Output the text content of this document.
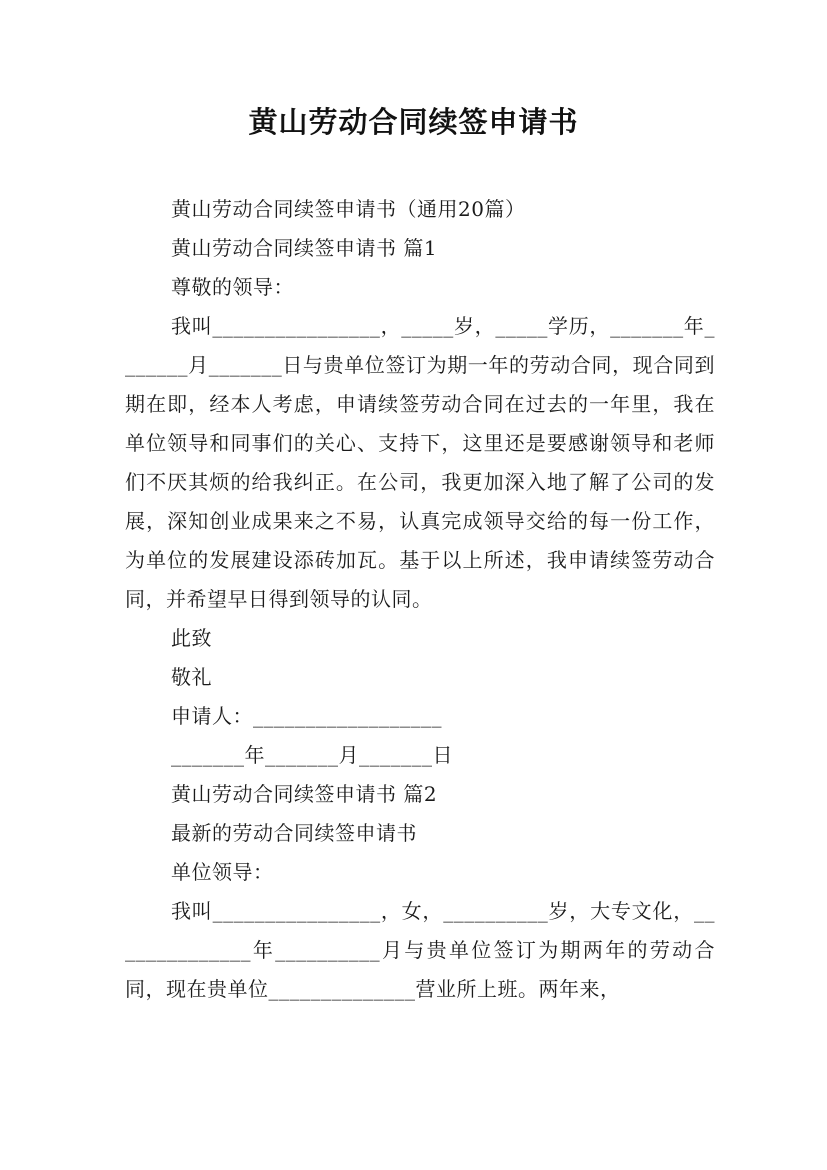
黄山劳动合同续签申请书

黄山劳动合同续签申请书（通用20篇）

黄山劳动合同续签申请书 篇1

尊敬的领导：

我叫________________，_____岁，_____学历，_______年_______月_______日与贵单位签订为期一年的劳动合同，现合同到期在即，经本人考虑，申请续签劳动合同在过去的一年里，我在单位领导和同事们的关心、支持下，这里还是要感谢领导和老师们不厌其烦的给我纠正。在公司，我更加深入地了解了公司的发展，深知创业成果来之不易，认真完成领导交给的每一份工作，为单位的发展建设添砖加瓦。基于以上所述，我申请续签劳动合同，并希望早日得到领导的认同。

此致

敬礼

申请人：__________________

_______年_______月_______日

黄山劳动合同续签申请书 篇2

最新的劳动合同续签申请书

单位领导：

我叫________________，女，__________岁，大专文化，______________年__________月与贵单位签订为期两年的劳动合同，现在贵单位______________营业所上班。两年来，
